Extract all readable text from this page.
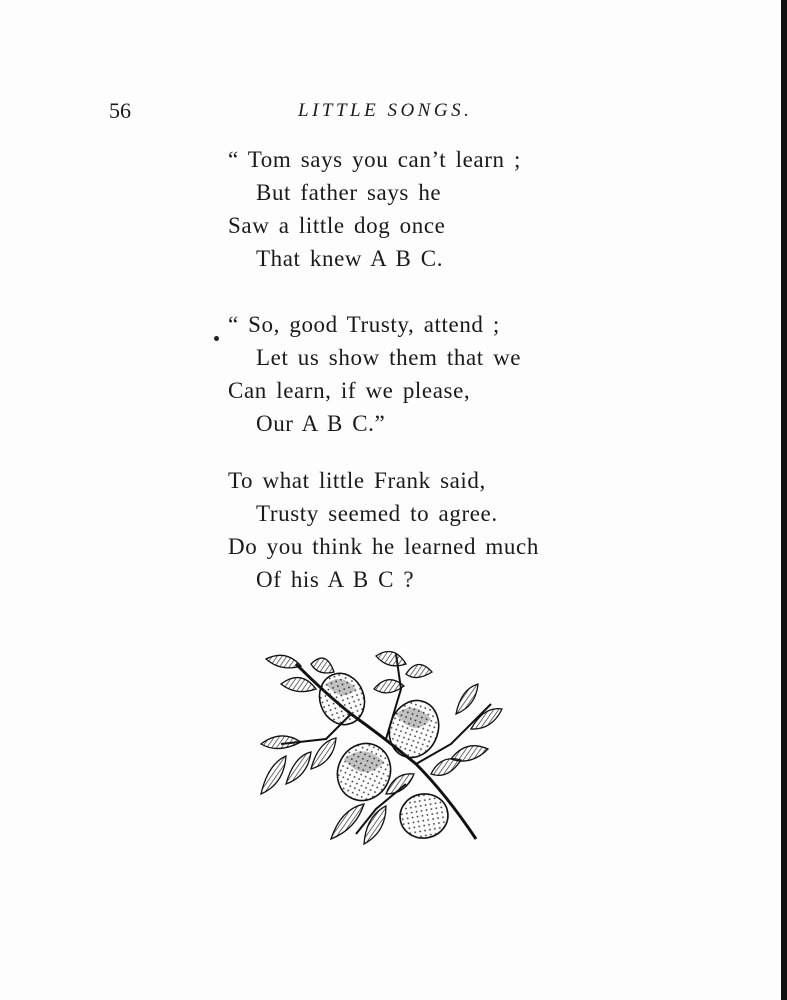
56	LITTLE SONGS.
“ Tom says you can’t learn ;
But father says he
Saw a little dog once
That knew A B C.
“ So, good Trusty, attend ;
Let us show them that we
Can learn, if we please,
Our A B C.”
To what little Frank said,
Trusty seemed to agree.
Do you think he learned much
Of his A B C ?
